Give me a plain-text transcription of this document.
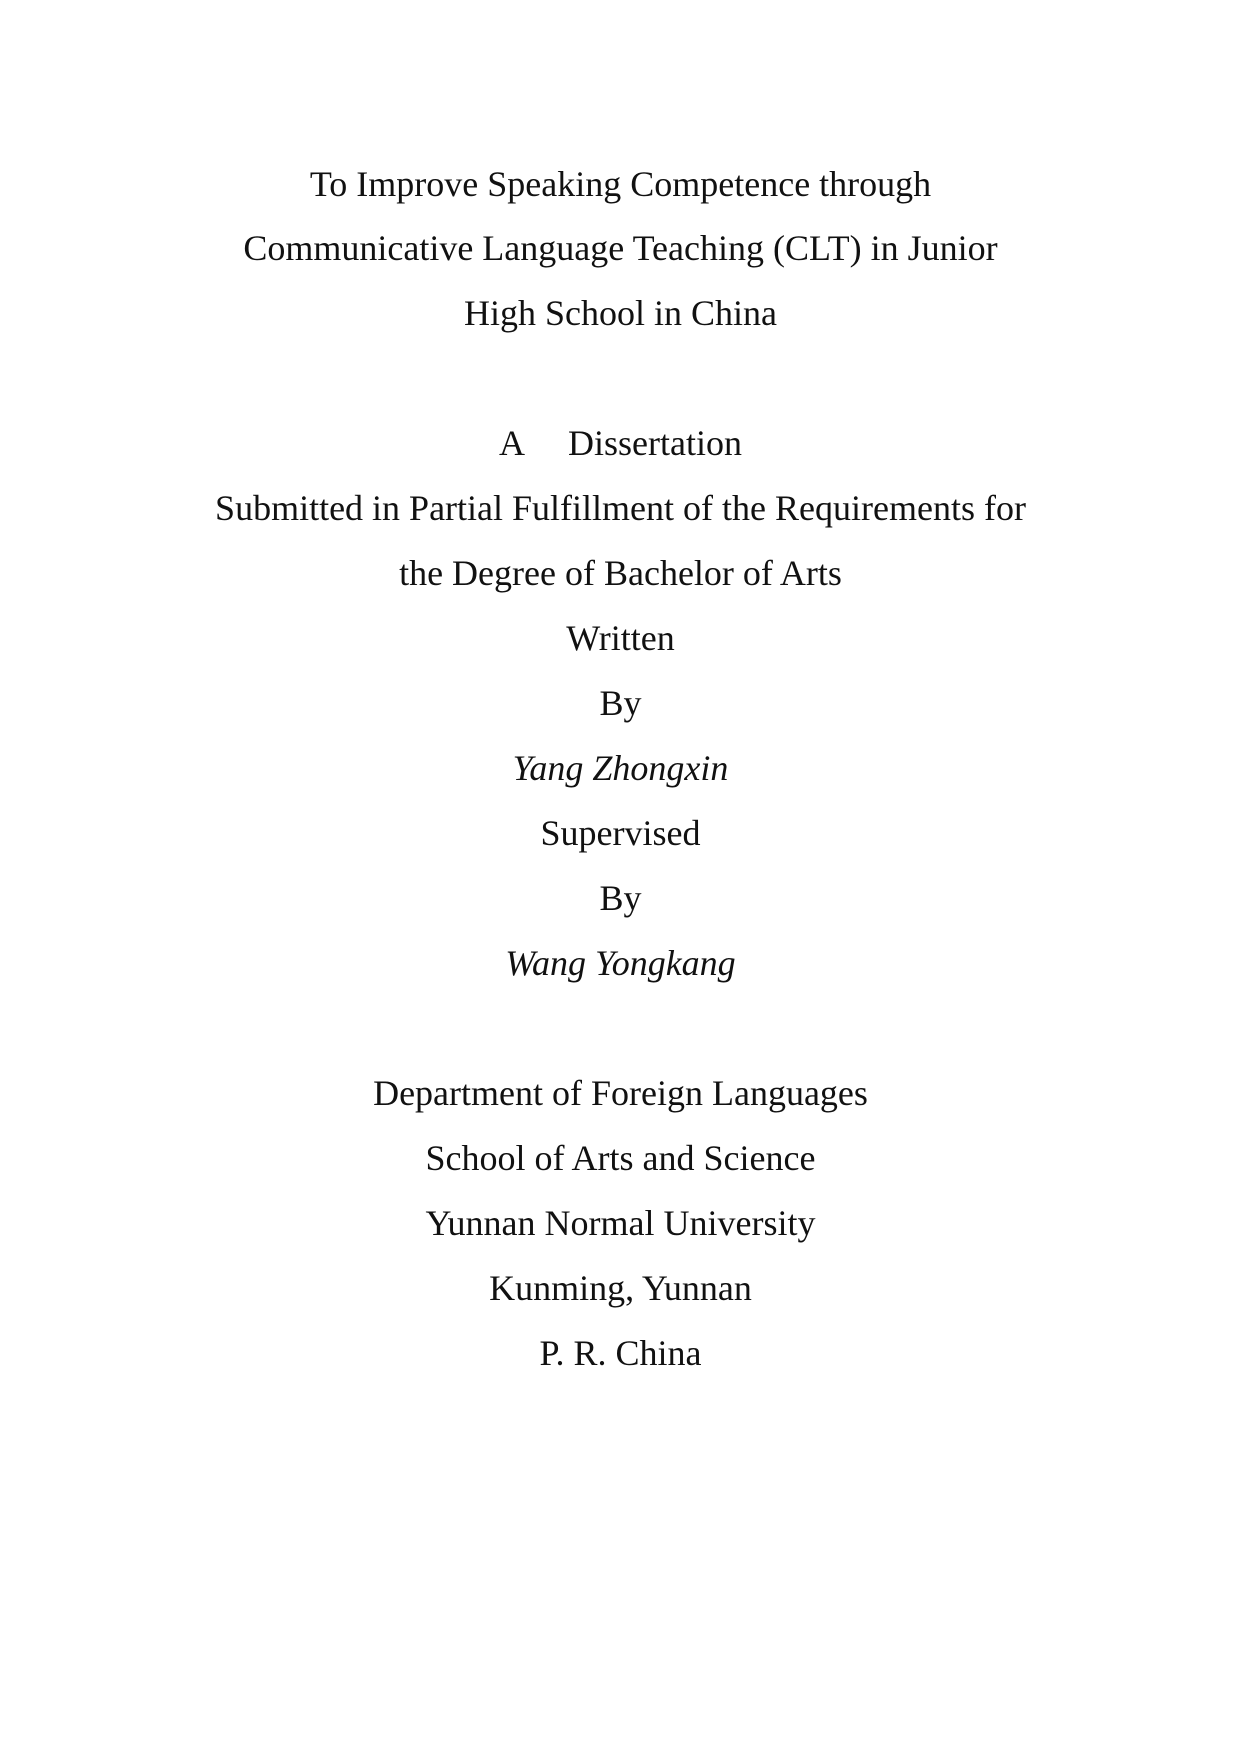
To Improve Speaking Competence through
Communicative Language Teaching (CLT) in Junior
High School in China
A     Dissertation
Submitted in Partial Fulfillment of the Requirements for
the Degree of Bachelor of Arts
Written
By
Yang Zhongxin
Supervised
By
Wang Yongkang
Department of Foreign Languages
School of Arts and Science
Yunnan Normal University
Kunming, Yunnan
P. R. China
